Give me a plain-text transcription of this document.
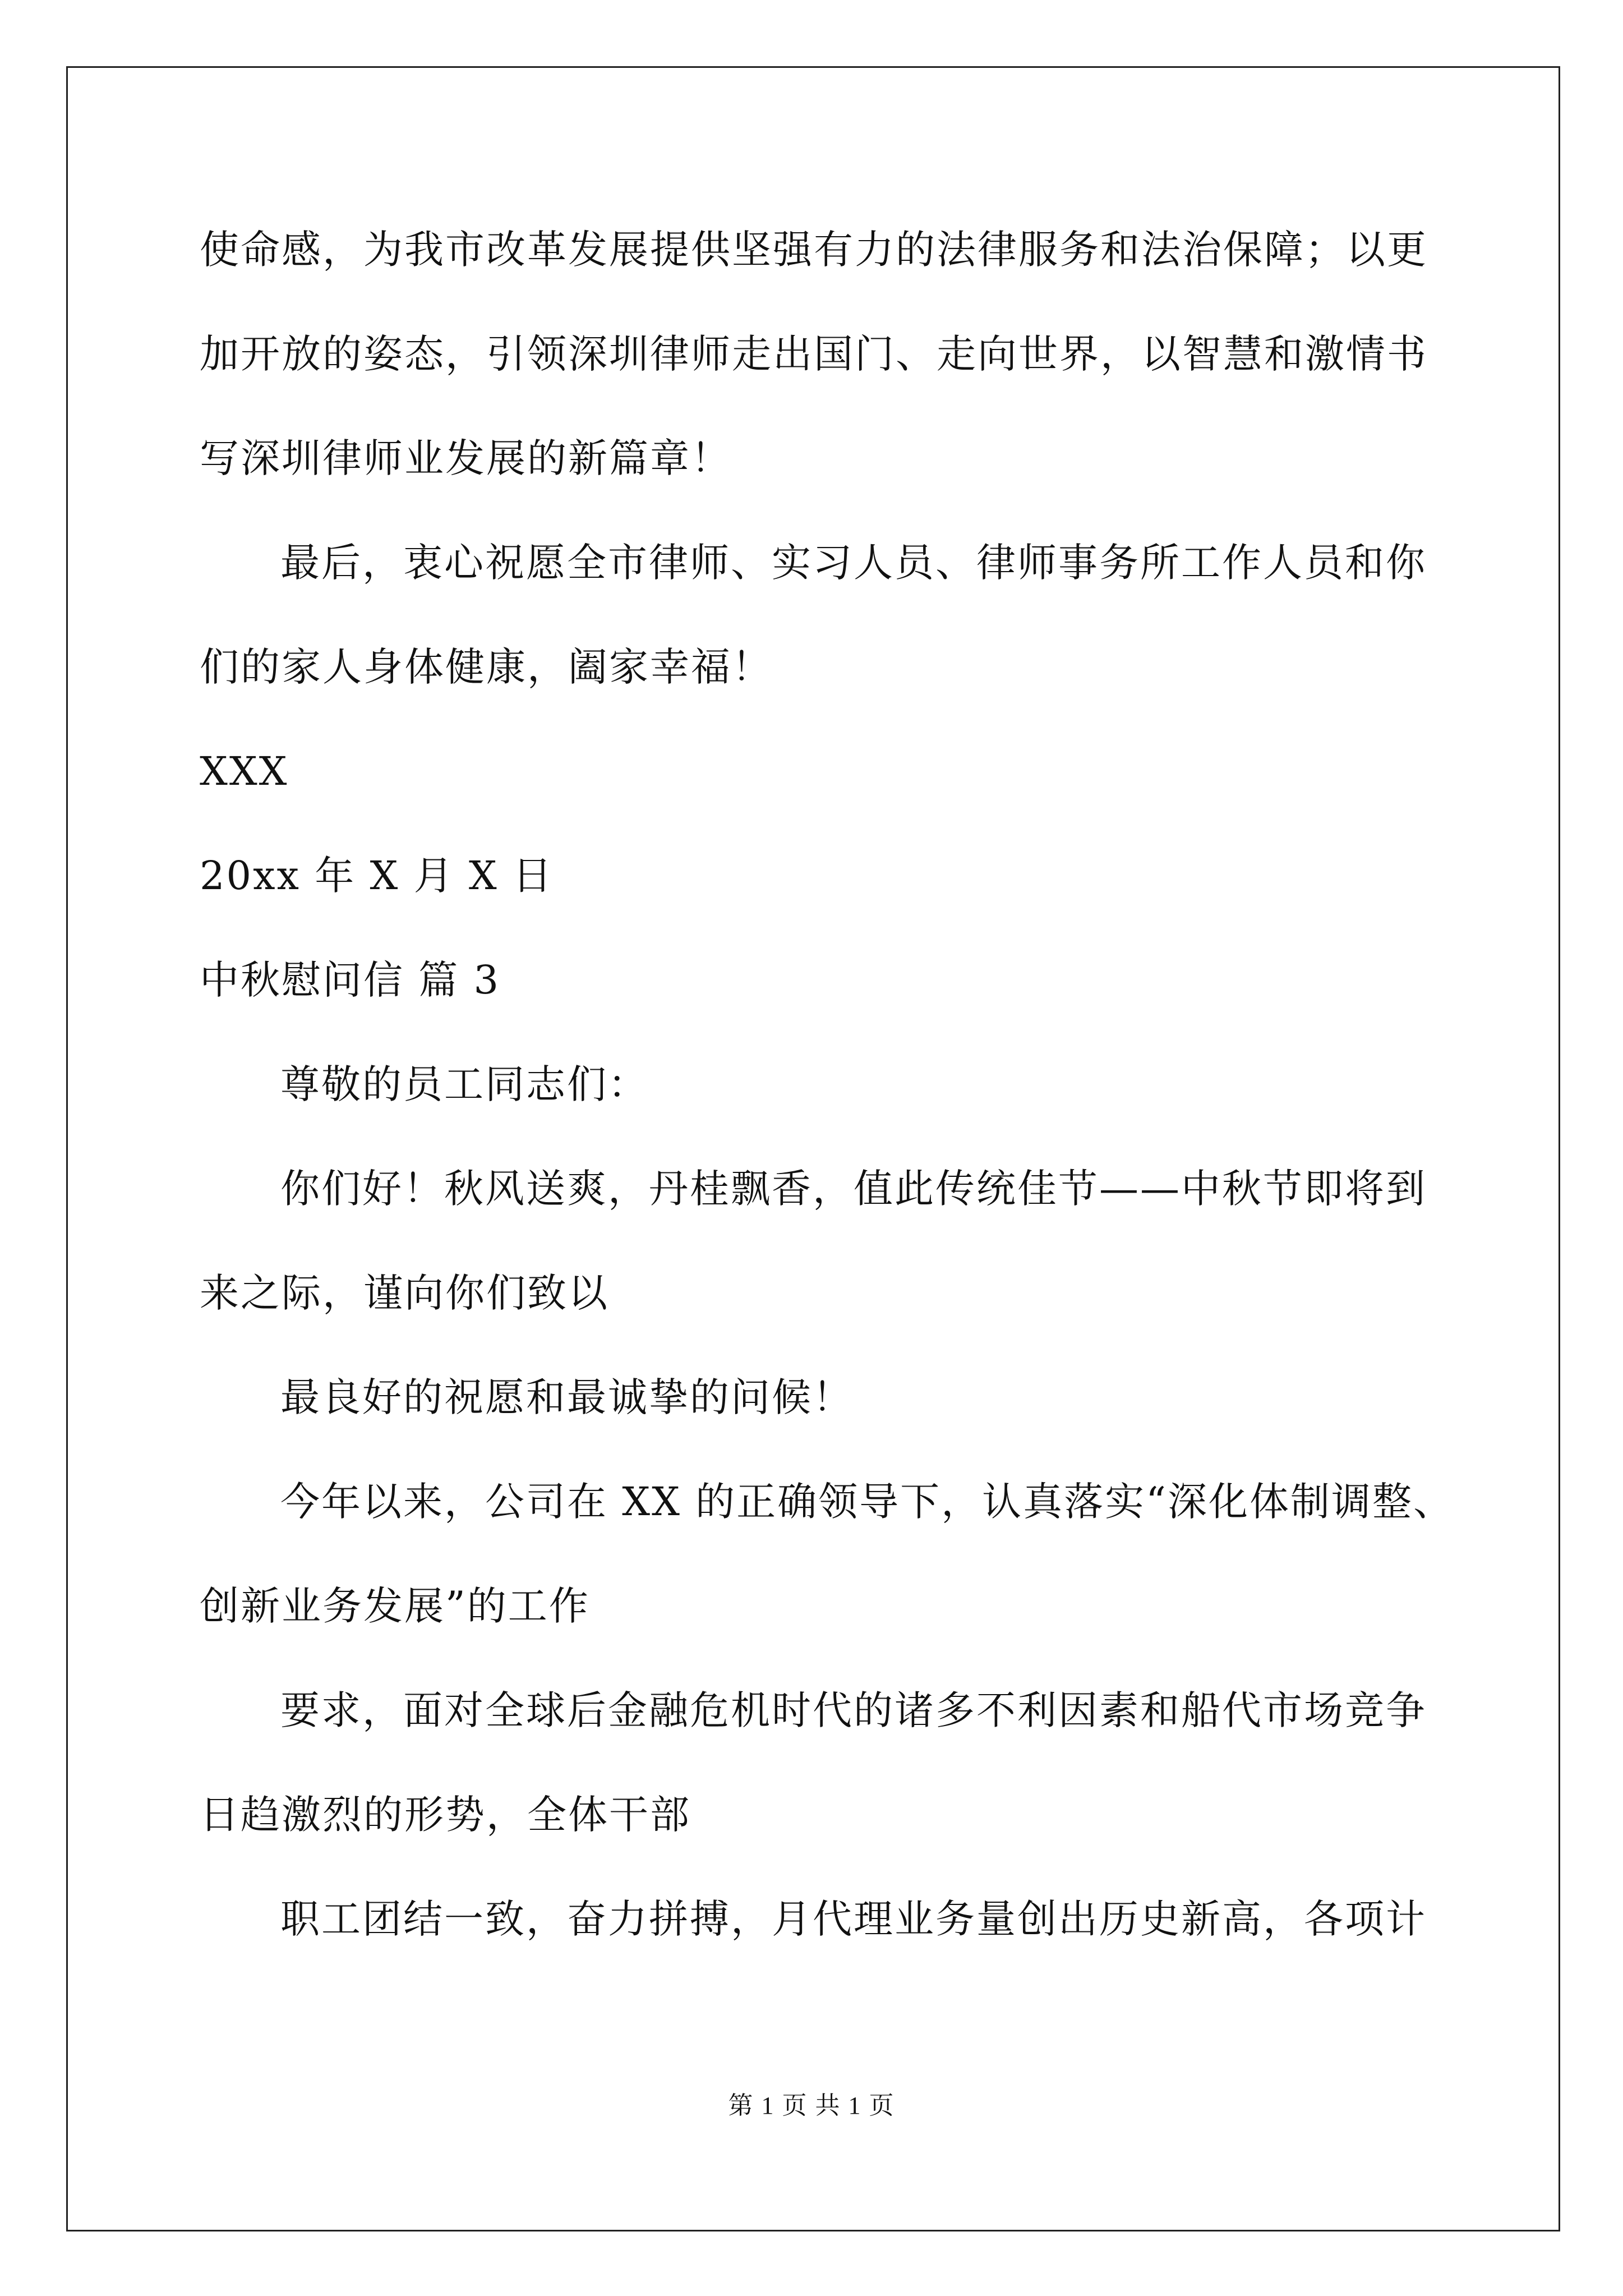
使命感，为我市改革发展提供坚强有力的法律服务和法治保障；以更
加开放的姿态，引领深圳律师走出国门、走向世界，以智慧和激情书
写深圳律师业发展的新篇章！
最后，衷心祝愿全市律师、实习人员、律师事务所工作人员和你
们的家人身体健康，阖家幸福！
XXX
20xx 年 X 月 X 日
中秋慰问信 篇 3
尊敬的员工同志们：
你们好！秋风送爽，丹桂飘香，值此传统佳节——中秋节即将到
来之际，谨向你们致以
最良好的祝愿和最诚挚的问候！
今年以来，公司在 XX 的正确领导下，认真落实“深化体制调整、
创新业务发展”的工作
要求，面对全球后金融危机时代的诸多不利因素和船代市场竞争
日趋激烈的形势，全体干部
职工团结一致，奋力拼搏，月代理业务量创出历史新高，各项计
第 1 页 共 1 页
